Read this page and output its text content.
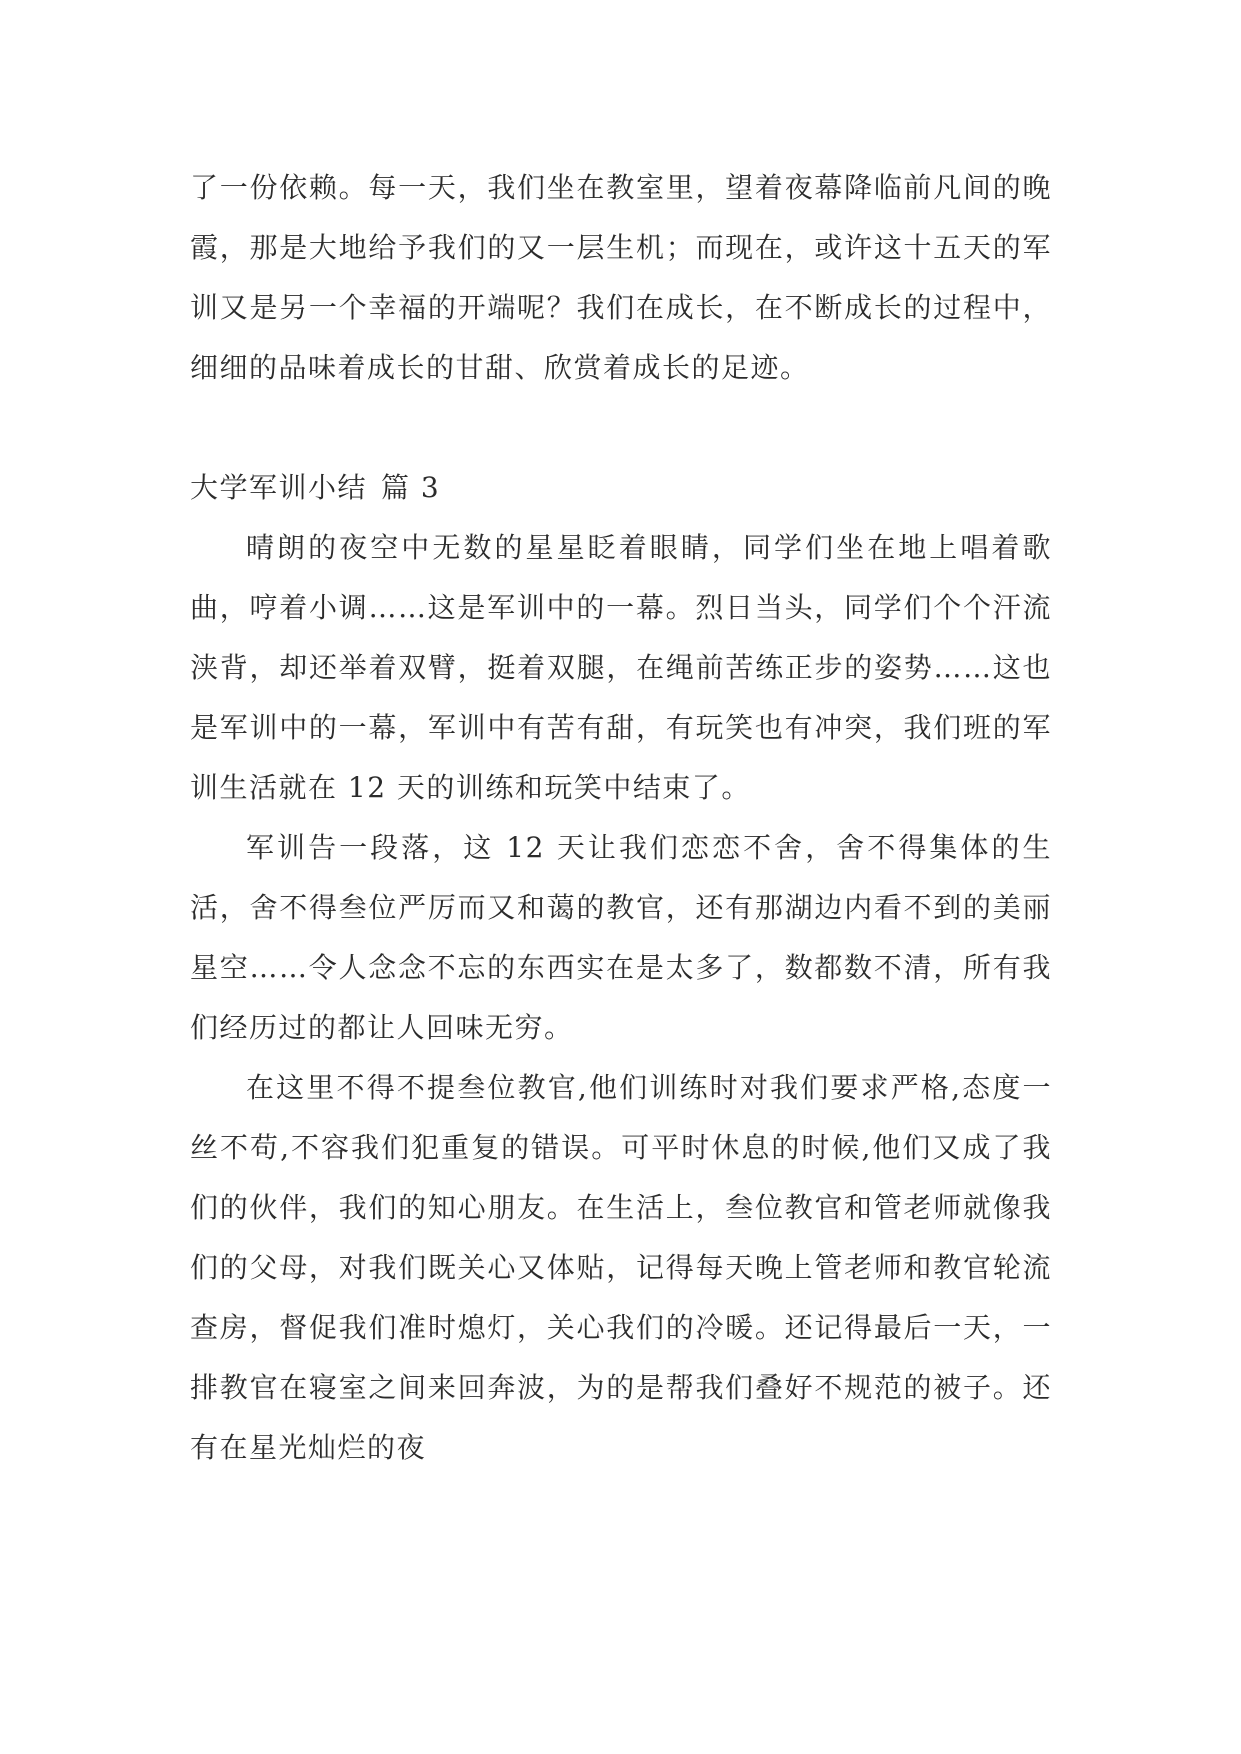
了一份依赖。每一天，我们坐在教室里，望着夜幕降临前凡间的晚霞，那是大地给予我们的又一层生机；而现在，或许这十五天的军训又是另一个幸福的开端呢？我们在成长，在不断成长的过程中，细细的品味着成长的甘甜、欣赏着成长的足迹。

大学军训小结 篇 3

晴朗的夜空中无数的星星眨着眼睛，同学们坐在地上唱着歌曲，哼着小调……这是军训中的一幕。烈日当头，同学们个个汗流浃背，却还举着双臂，挺着双腿，在绳前苦练正步的姿势……这也是军训中的一幕，军训中有苦有甜，有玩笑也有冲突，我们班的军训生活就在 12 天的训练和玩笑中结束了。

军训告一段落，这 12 天让我们恋恋不舍，舍不得集体的生活，舍不得叁位严厉而又和蔼的教官，还有那湖边内看不到的美丽星空……令人念念不忘的东西实在是太多了，数都数不清，所有我们经历过的都让人回味无穷。

在这里不得不提叁位教官,他们训练时对我们要求严格,态度一丝不苟,不容我们犯重复的错误。可平时休息的时候,他们又成了我们的伙伴，我们的知心朋友。在生活上，叁位教官和管老师就像我们的父母，对我们既关心又体贴，记得每天晚上管老师和教官轮流查房，督促我们准时熄灯，关心我们的冷暖。还记得最后一天，一排教官在寝室之间来回奔波，为的是帮我们叠好不规范的被子。还有在星光灿烂的夜
